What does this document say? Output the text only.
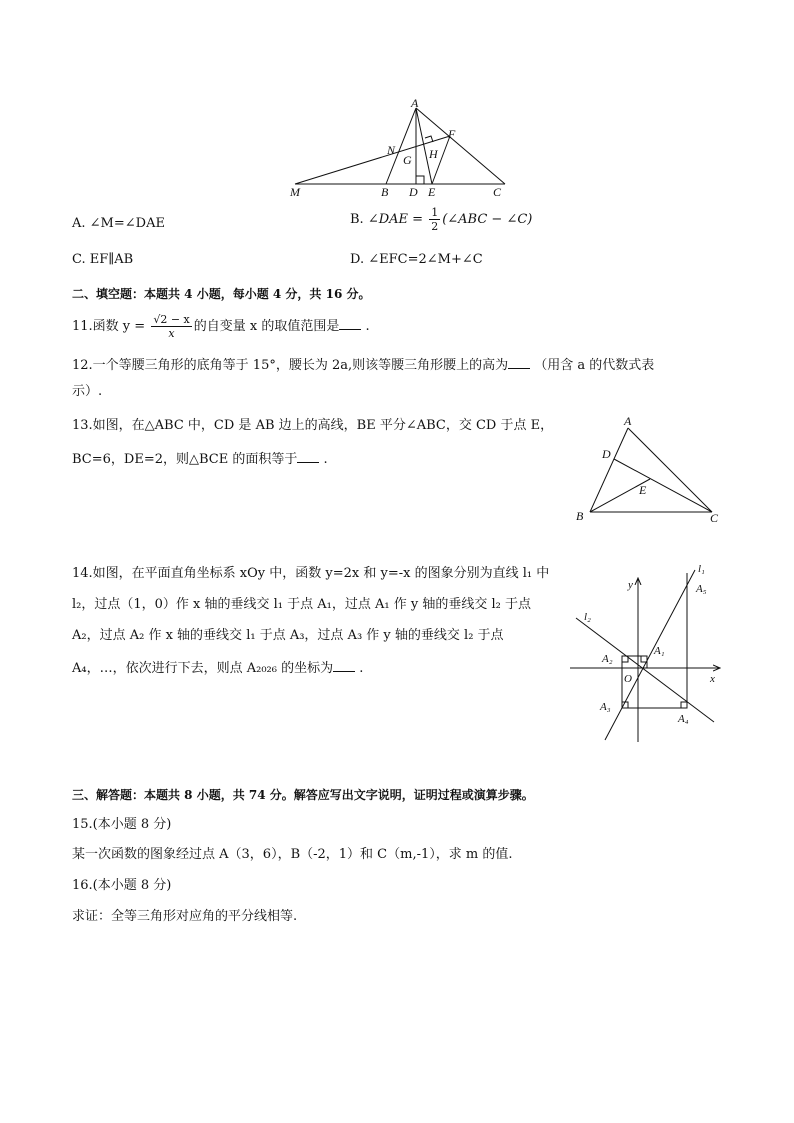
A
F
N
G H
M	B D E	C
A. ∠M=∠DAE	B. ∠DAE = $\frac{1}{2}$ (∠ABC − ∠C)
C. EF∥AB	D. ∠EFC=2∠M+∠C
二、填空题：本题共 4 小题，每小题 4 分，共 16 分。
11.函数 $y = \frac{√2 - x}{x}$ 的自变量 x 的取值范围是 .
12.一个等腰三角形的底角等于 15°，腰长为 2a,则该等腰三角形腰上的高为 （用含 a 的代数式表
示）.
13.如图，在△ABC 中，CD 是 AB 边上的高线，BE 平分∠ABC，交 CD 于点 E，
BC=6，DE=2，则△BCE 的面积等于 .
A
D
E
B	C
14.如图，在平面直角坐标系 xOy 中，函数 y=2x 和 y=-x 的图象分别为直线 l₁ 中
l₂，过点（1，0）作 x 轴的垂线交 l₁ 于点 A₁，过点 A₁ 作 y 轴的垂线交 l₂ 于点
A₂，过点 A₂ 作 x 轴的垂线交 l₁ 于点 A₃，过点 A₃ 作 y 轴的垂线交 l₂ 于点
A₄，…，依次进行下去，则点 A₂₀₂₆ 的坐标为 .
l₁
A₅
y
l₂
A₂
A₁
O	x
A₃
A₄
三、解答题：本题共 8 小题，共 74 分。解答应写出文字说明，证明过程或演算步骤。
15.(本小题 8 分)
某一次函数的图象经过点 A（3，6），B（-2，1）和 C（m,-1），求 m 的值.
16.(本小题 8 分)
求证：全等三角形对应角的平分线相等.
